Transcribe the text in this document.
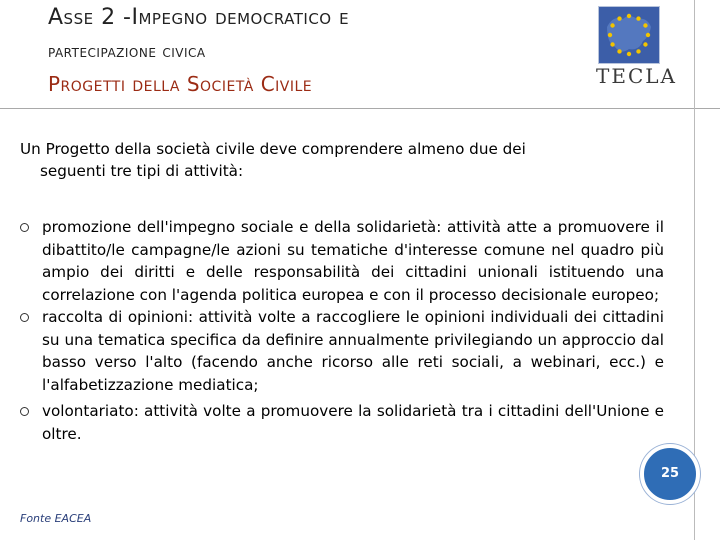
Asse 2 -Impegno democratico e
partecipazione civica
Progetti della Società Civile	TECLA
Un Progetto della società civile deve comprendere almeno due dei
seguenti tre tipi di attività:
promozione dell'impegno sociale e della solidarietà: attività atte a promuovere il dibattito/le campagne/le azioni su tematiche d'interesse comune nel quadro più ampio dei diritti e delle responsabilità dei cittadini unionali istituendo una correlazione con l'agenda politica europea e con il processo decisionale europeo;
raccolta di opinioni: attività volte a raccogliere le opinioni individuali dei cittadini su una tematica specifica da definire annualmente privilegiando un approccio dal basso verso l'alto (facendo anche ricorso alle reti sociali, a webinari, ecc.) e l'alfabetizzazione mediatica;
volontariato: attività volte a promuovere la solidarietà tra i cittadini dell'Unione e oltre.
25
Fonte EACEA
